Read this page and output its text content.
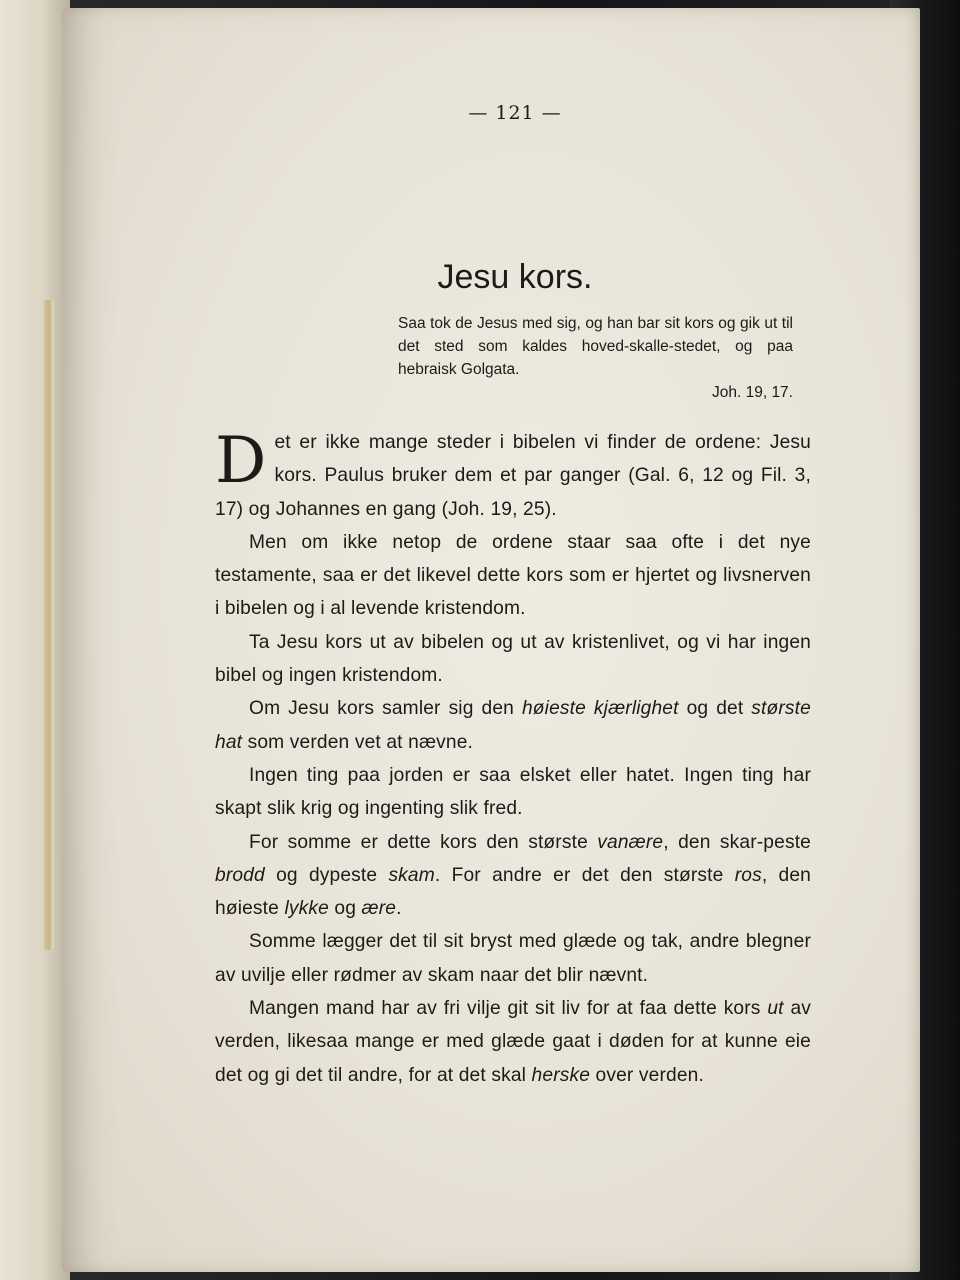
— 121 —
Jesu kors.
Saa tok de Jesus med sig, og han bar sit kors og gik ut til det sted som kaldes hoved-skalle-stedet, og paa hebraisk Golgata.
Joh. 19, 17.

Det er ikke mange steder i bibelen vi finder de ordene: Jesu kors. Paulus bruker dem et par ganger (Gal. 6, 12 og Fil. 3, 17) og Johannes en gang (Joh. 19, 25).

Men om ikke netop de ordene staar saa ofte i det nye testamente, saa er det likevel dette kors som er hjertet og livsnerven i bibelen og i al levende kristendom.

Ta Jesu kors ut av bibelen og ut av kristenlivet, og vi har ingen bibel og ingen kristendom.

Om Jesu kors samler sig den høieste kjærlighet og det største hat som verden vet at nævne.

Ingen ting paa jorden er saa elsket eller hatet. Ingen ting har skapt slik krig og ingenting slik fred.

For somme er dette kors den største vanære, den skar-peste brodd og dypeste skam. For andre er det den største ros, den høieste lykke og ære.

Somme lægger det til sit bryst med glæde og tak, andre blegner av uvilje eller rødmer av skam naar det blir nævnt.

Mangen mand har av fri vilje git sit liv for at faa dette kors ut av verden, likesaa mange er med glæde gaat i døden for at kunne eie det og gi det til andre, for at det skal herske over verden.
